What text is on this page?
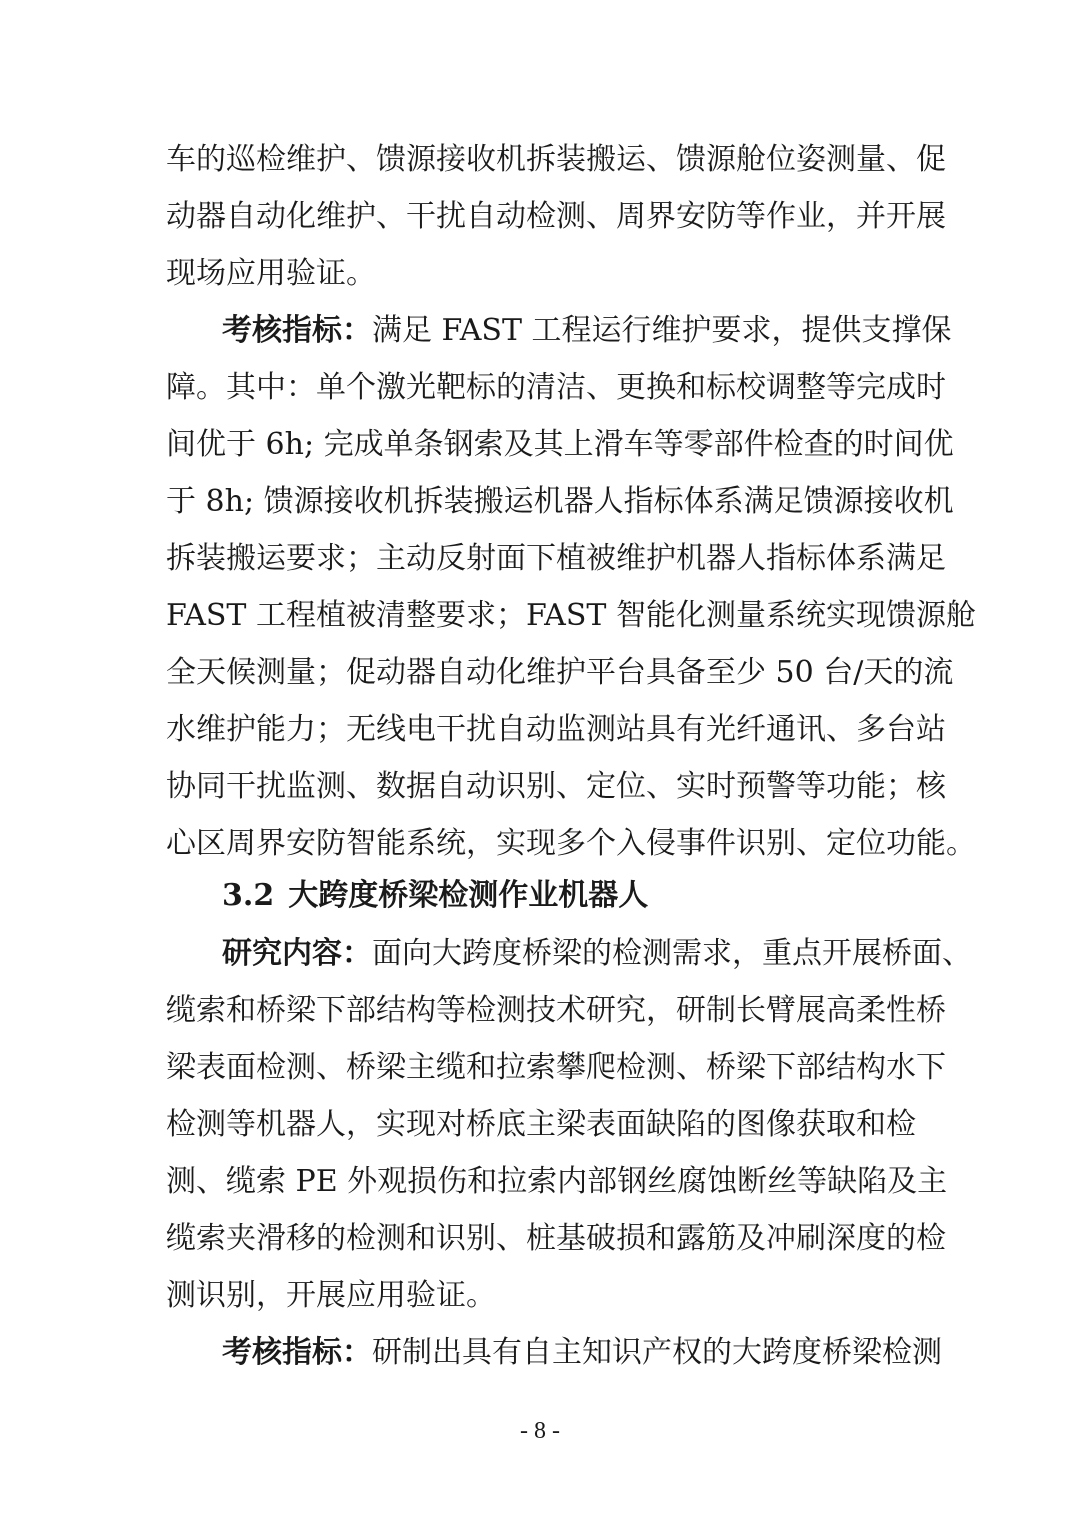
车的巡检维护、馈源接收机拆装搬运、馈源舱位姿测量、促
动器自动化维护、干扰自动检测、周界安防等作业，并开展
现场应用验证。
考核指标：满足 FAST 工程运行维护要求，提供支撑保
障。其中：单个激光靶标的清洁、更换和标校调整等完成时
间优于 6h; 完成单条钢索及其上滑车等零部件检查的时间优
于 8h; 馈源接收机拆装搬运机器人指标体系满足馈源接收机
拆装搬运要求；主动反射面下植被维护机器人指标体系满足
FAST 工程植被清整要求；FAST 智能化测量系统实现馈源舱
全天候测量；促动器自动化维护平台具备至少 50 台/天的流
水维护能力；无线电干扰自动监测站具有光纤通讯、多台站
协同干扰监测、数据自动识别、定位、实时预警等功能；核
心区周界安防智能系统，实现多个入侵事件识别、定位功能。
3.2 大跨度桥梁检测作业机器人
研究内容：面向大跨度桥梁的检测需求，重点开展桥面、
缆索和桥梁下部结构等检测技术研究，研制长臂展高柔性桥
梁表面检测、桥梁主缆和拉索攀爬检测、桥梁下部结构水下
检测等机器人，实现对桥底主梁表面缺陷的图像获取和检
测、缆索 PE 外观损伤和拉索内部钢丝腐蚀断丝等缺陷及主
缆索夹滑移的检测和识别、桩基破损和露筋及冲刷深度的检
测识别，开展应用验证。
考核指标：研制出具有自主知识产权的大跨度桥梁检测
- 8 -
